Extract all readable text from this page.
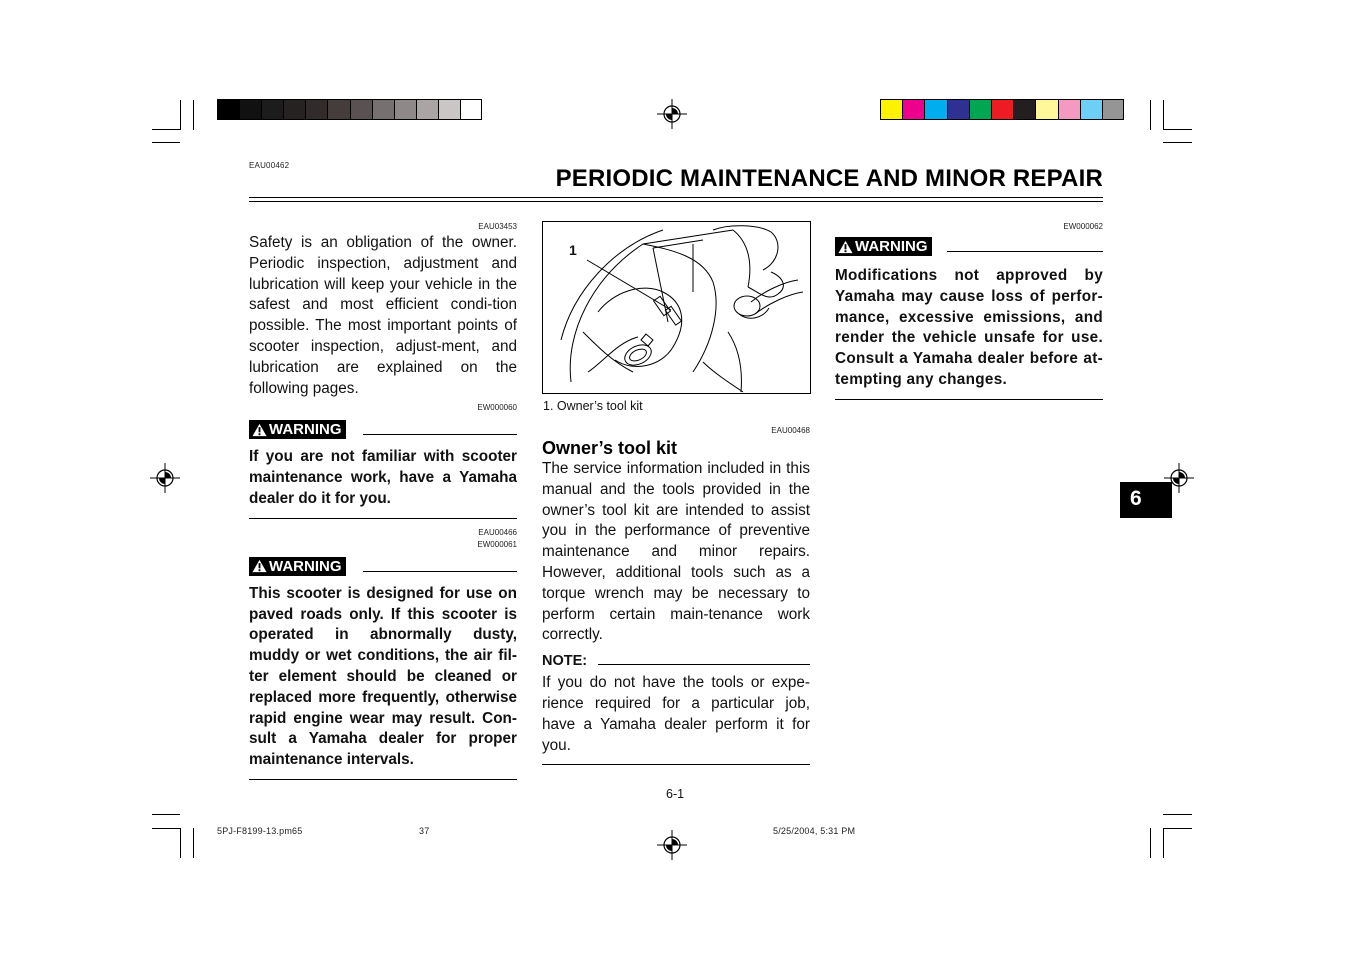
EAU00462	PERIODIC MAINTENANCE AND MINOR REPAIR
EAU03453

Safety is an obligation of the owner. Periodic inspection, adjustment and lubrication will keep your vehicle in the safest and most efficient condi-tion possible. The most important points of scooter inspection, adjust-ment, and lubrication are explained on the following pages.

EW000060
WARNING

If you are not familiar with scooter maintenance work, have a Yamaha dealer do it for you.

EAU00466
EW000061
WARNING

This scooter is designed for use on paved roads only. If this scooter is operated in abnormally dusty, muddy or wet conditions, the air fil-ter element should be cleaned or replaced more frequently, otherwise rapid engine wear may result. Con-sult a Yamaha dealer for proper maintenance intervals.

1
1. Owner’s tool kit
EAU00468
Owner’s tool kit

The service information included in this manual and the tools provided in the owner’s tool kit are intended to assist you in the performance of preventive maintenance and minor repairs. However, additional tools such as a torque wrench may be necessary to perform certain main-tenance work correctly.

NOTE:

If you do not have the tools or expe-rience required for a particular job, have a Yamaha dealer perform it for you.

EW000062
WARNING

Modifications not approved by Yamaha may cause loss of perfor-mance, excessive emissions, and render the vehicle unsafe for use. Consult a Yamaha dealer before at-tempting any changes.

6
6-1
5PJ-F8199-13.pm65	37	5/25/2004, 5:31 PM
